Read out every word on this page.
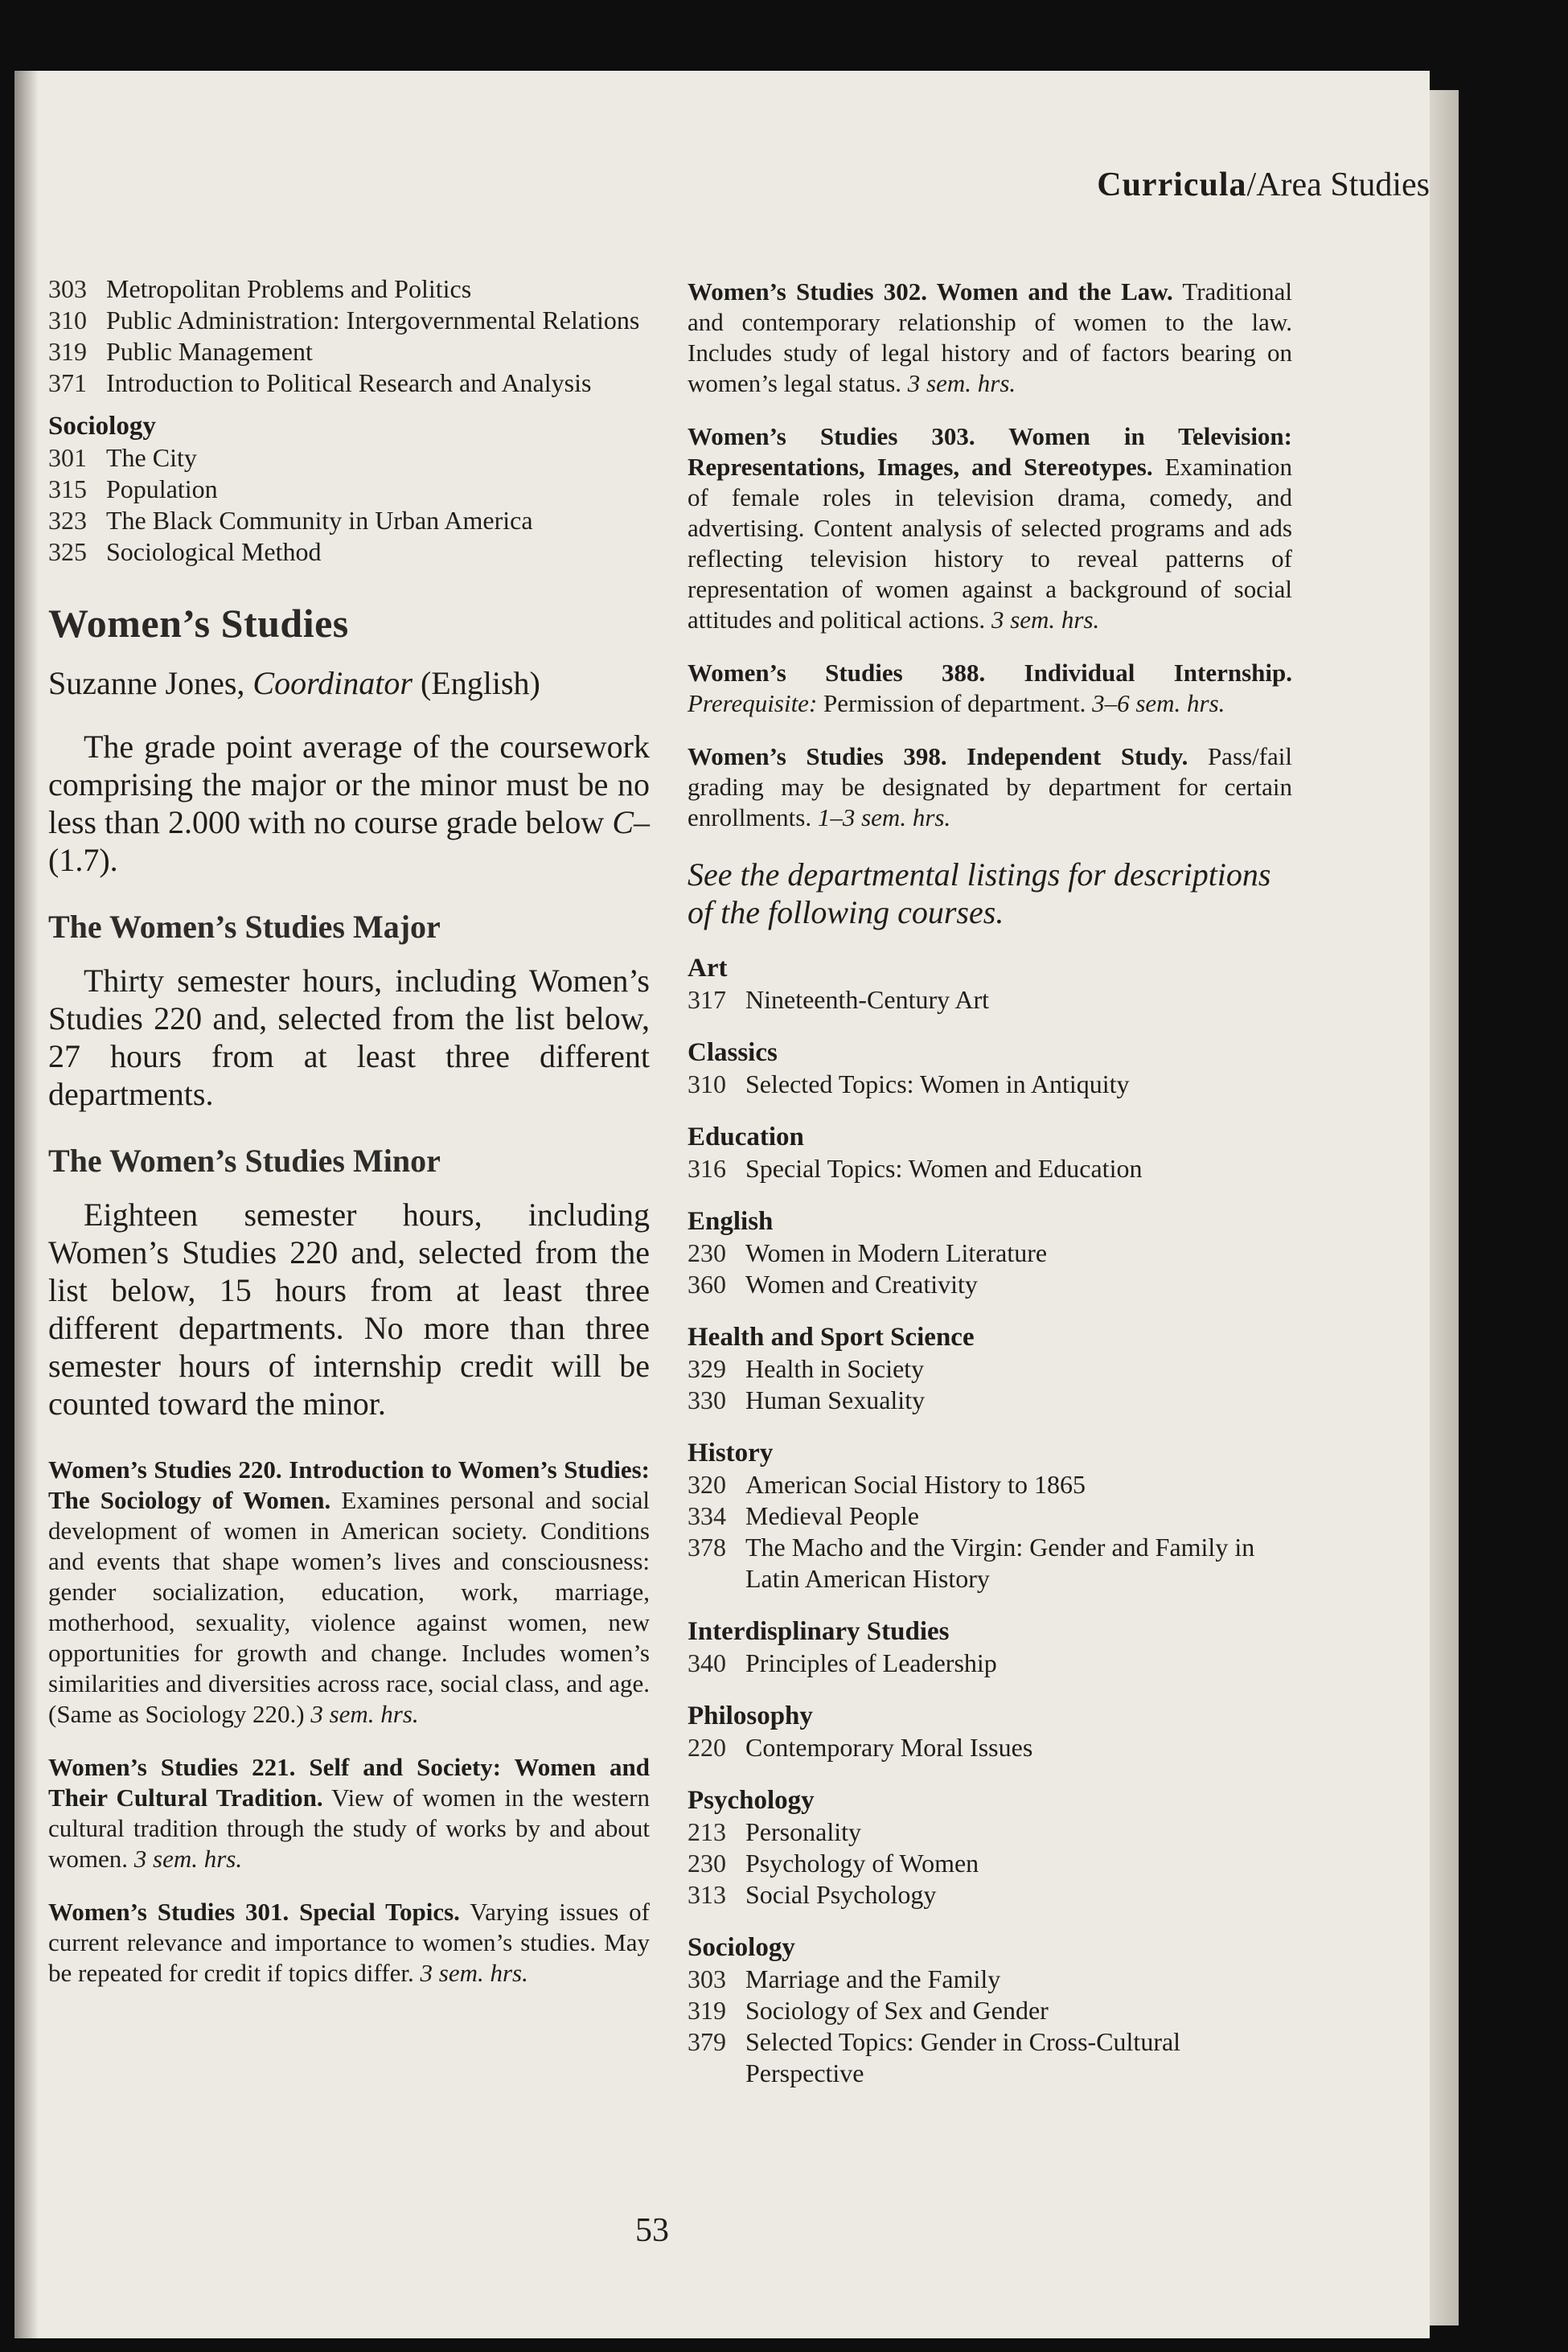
Curricula/Area Studies
303 Metropolitan Problems and Politics
310 Public Administration: Intergovernmental Relations
319 Public Management
371 Introduction to Political Research and Analysis
Sociology
301 The City
315 Population
323 The Black Community in Urban America
325 Sociological Method
Women’s Studies
Suzanne Jones, Coordinator (English)

The grade point average of the coursework comprising the major or the minor must be no less than 2.000 with no course grade below C– (1.7).

The Women’s Studies Major

Thirty semester hours, including Women’s Studies 220 and, selected from the list below, 27 hours from at least three different departments.

The Women’s Studies Minor

Eighteen semester hours, including Women’s Studies 220 and, selected from the list below, 15 hours from at least three different departments. No more than three semester hours of internship credit will be counted toward the minor.

Women’s Studies 220. Introduction to Women’s Studies: The Sociology of Women. Examines personal and social development of women in American society. Conditions and events that shape women’s lives and consciousness: gender socialization, education, work, marriage, motherhood, sexuality, violence against women, new opportunities for growth and change. Includes women’s similarities and diversities across race, social class, and age. (Same as Sociology 220.) 3 sem. hrs.

Women’s Studies 221. Self and Society: Women and Their Cultural Tradition. View of women in the western cultural tradition through the study of works by and about women. 3 sem. hrs.

Women’s Studies 301. Special Topics. Varying issues of current relevance and importance to women’s studies. May be repeated for credit if topics differ. 3 sem. hrs.

Women’s Studies 302. Women and the Law. Traditional and contemporary relationship of women to the law. Includes study of legal history and of factors bearing on women’s legal status. 3 sem. hrs.

Women’s Studies 303. Women in Television: Representations, Images, and Stereotypes. Examination of female roles in television drama, comedy, and advertising. Content analysis of selected programs and ads reflecting television history to reveal patterns of representation of women against a background of social attitudes and political actions. 3 sem. hrs.

Women’s Studies 388. Individual Internship. Prerequisite: Permission of department. 3–6 sem. hrs.

Women’s Studies 398. Independent Study. Pass/fail grading may be designated by department for certain enrollments. 1–3 sem. hrs.

See the departmental listings for descriptions of the following courses.
Art
317 Nineteenth-Century Art
Classics
310 Selected Topics: Women in Antiquity
Education
316 Special Topics: Women and Education
English
230 Women in Modern Literature
360 Women and Creativity
Health and Sport Science
329 Health in Society
330 Human Sexuality
History
320 American Social History to 1865
334 Medieval People
378 The Macho and the Virgin: Gender and Family in Latin American History
Interdisplinary Studies
340 Principles of Leadership
Philosophy
220 Contemporary Moral Issues
Psychology
213 Personality
230 Psychology of Women
313 Social Psychology
Sociology
303 Marriage and the Family
319 Sociology of Sex and Gender
379 Selected Topics: Gender in Cross-Cultural Perspective
53
